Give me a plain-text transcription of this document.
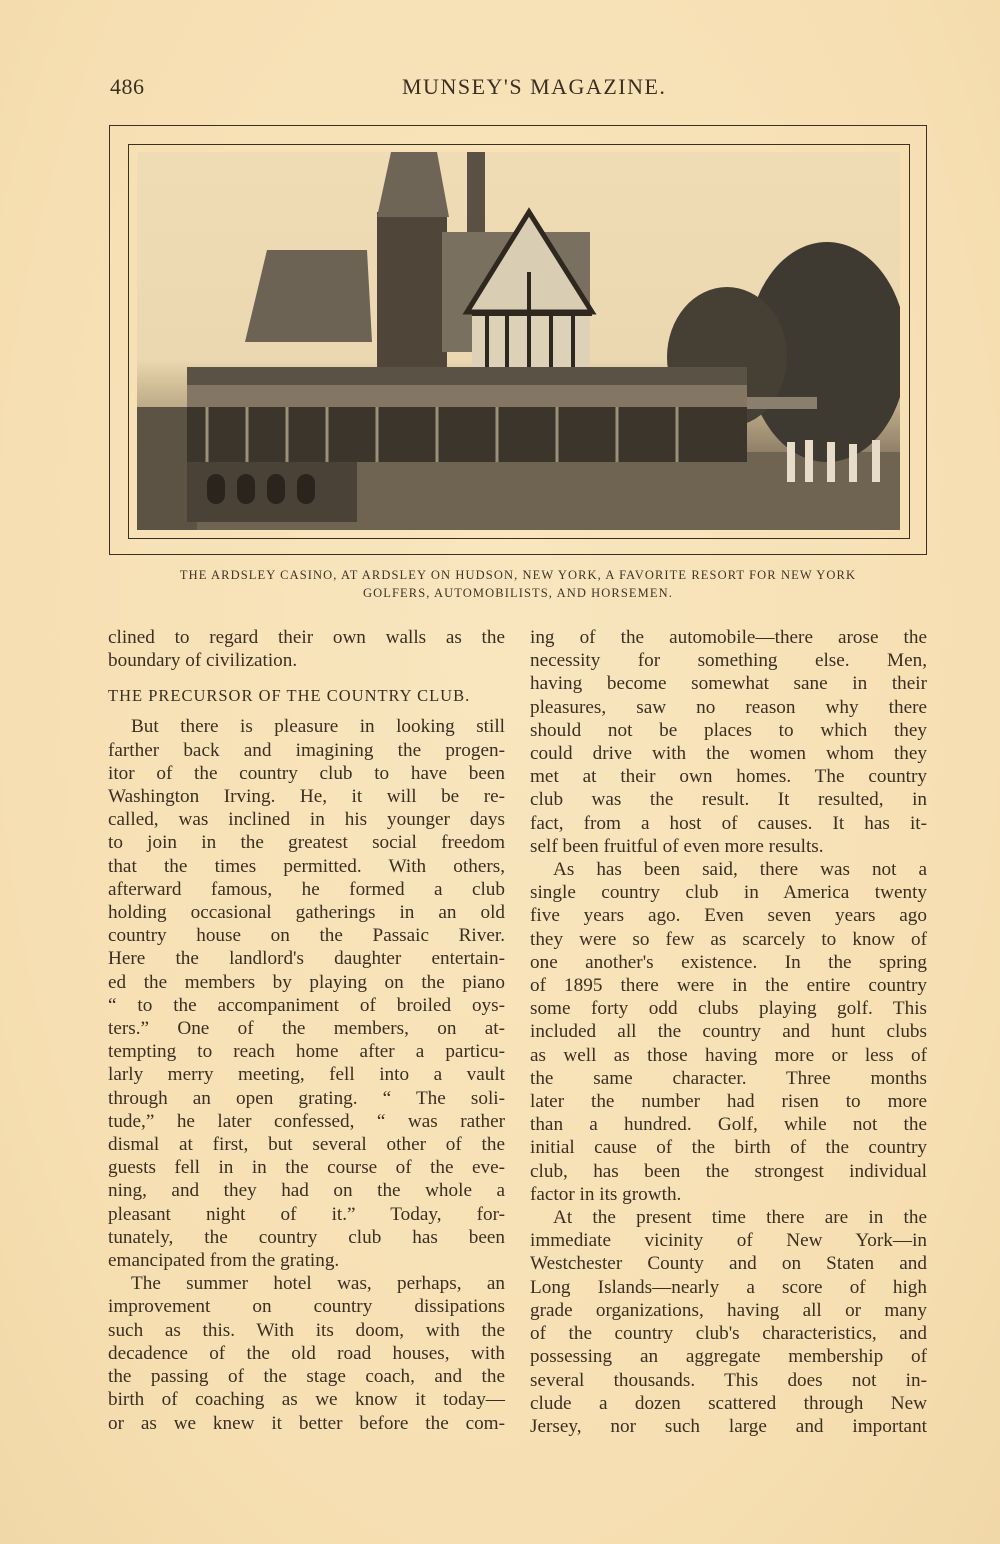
486	MUNSEY'S MAGAZINE.
THE ARDSLEY CASINO, AT ARDSLEY ON HUDSON, NEW YORK, A FAVORITE RESORT FOR NEW YORK
GOLFERS, AUTOMOBILISTS, AND HORSEMEN.

clined to regard their own walls as the
boundary of civilization.

THE PRECURSOR OF THE COUNTRY CLUB.

But there is pleasure in looking still
farther back and imagining the progen-
itor of the country club to have been
Washington Irving. He, it will be re-
called, was inclined in his younger days
to join in the greatest social freedom
that the times permitted. With others,
afterward famous, he formed a club
holding occasional gatherings in an old
country house on the Passaic River.
Here the landlord's daughter entertain-
ed the members by playing on the piano
“ to the accompaniment of broiled oys-
ters.” One of the members, on at-
tempting to reach home after a particu-
larly merry meeting, fell into a vault
through an open grating. “ The soli-
tude,” he later confessed, “ was rather
dismal at first, but several other of the
guests fell in in the course of the eve-
ning, and they had on the whole a
pleasant night of it.” Today, for-
tunately, the country club has been
emancipated from the grating.

The summer hotel was, perhaps, an
improvement on country dissipations
such as this. With its doom, with the
decadence of the old road houses, with
the passing of the stage coach, and the
birth of coaching as we know it today—
or as we knew it better before the com-

ing of the automobile—there arose the
necessity for something else. Men,
having become somewhat sane in their
pleasures, saw no reason why there
should not be places to which they
could drive with the women whom they
met at their own homes. The country
club was the result. It resulted, in
fact, from a host of causes. It has it-
self been fruitful of even more results.

As has been said, there was not a
single country club in America twenty
five years ago. Even seven years ago
they were so few as scarcely to know of
one another's existence. In the spring
of 1895 there were in the entire country
some forty odd clubs playing golf. This
included all the country and hunt clubs
as well as those having more or less of
the same character. Three months
later the number had risen to more
than a hundred. Golf, while not the
initial cause of the birth of the country
club, has been the strongest individual
factor in its growth.

At the present time there are in the
immediate vicinity of New York—in
Westchester County and on Staten and
Long Islands—nearly a score of high
grade organizations, having all or many
of the country club's characteristics, and
possessing an aggregate membership of
several thousands. This does not in-
clude a dozen scattered through New
Jersey, nor such large and important
